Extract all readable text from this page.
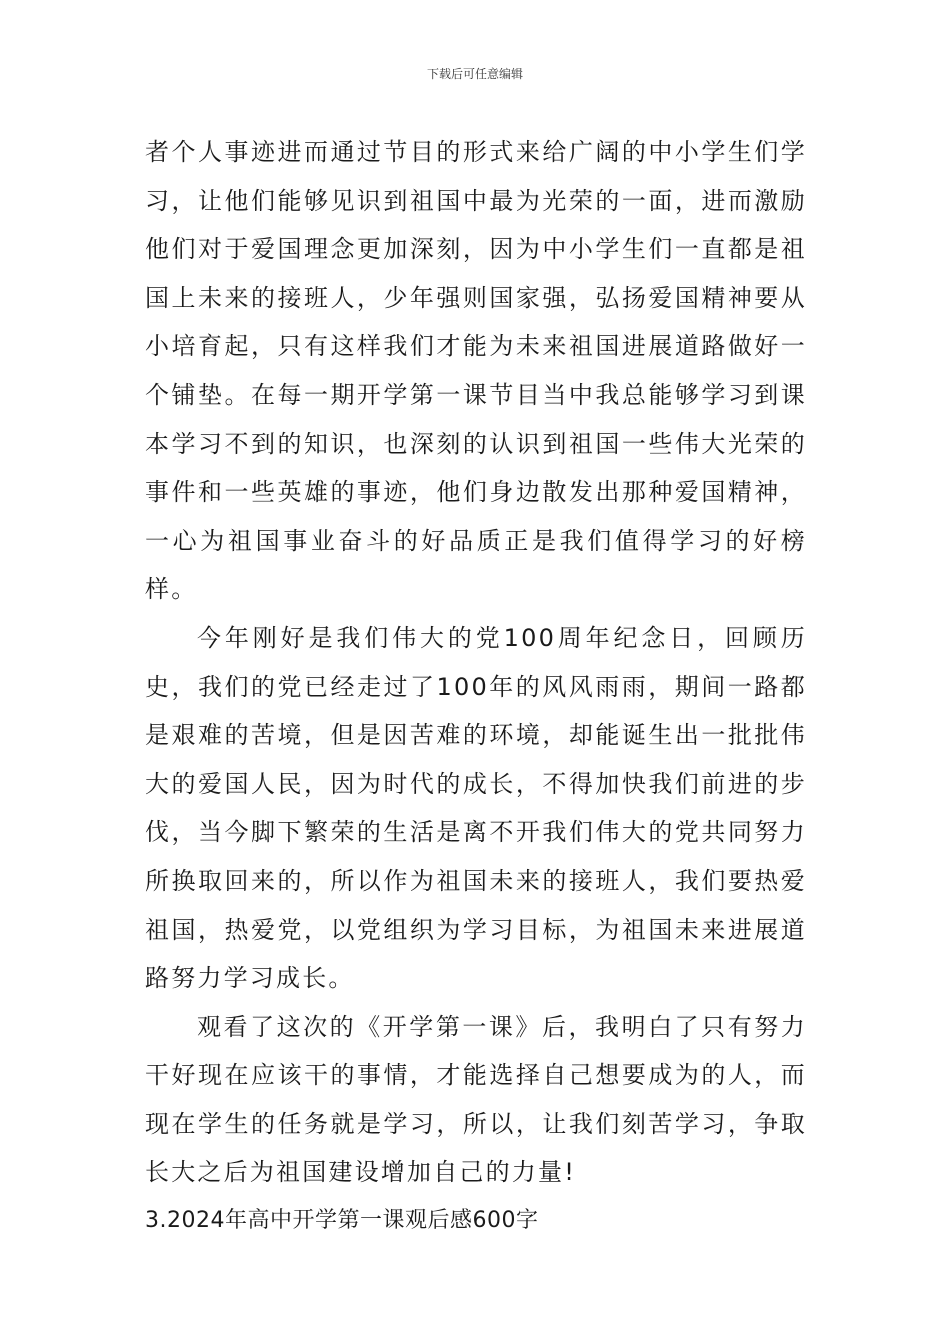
下载后可任意编辑

者个人事迹进而通过节目的形式来给广阔的中小学生们学习，让他们能够见识到祖国中最为光荣的一面，进而激励他们对于爱国理念更加深刻，因为中小学生们一直都是祖国上未来的接班人，少年强则国家强，弘扬爱国精神要从小培育起，只有这样我们才能为未来祖国进展道路做好一个铺垫。在每一期开学第一课节目当中我总能够学习到课本学习不到的知识，也深刻的认识到祖国一些伟大光荣的事件和一些英雄的事迹，他们身边散发出那种爱国精神，一心为祖国事业奋斗的好品质正是我们值得学习的好榜样。

今年刚好是我们伟大的党100周年纪念日，回顾历史，我们的党已经走过了100年的风风雨雨，期间一路都是艰难的苦境，但是因苦难的环境，却能诞生出一批批伟大的爱国人民，因为时代的成长，不得加快我们前进的步伐，当今脚下繁荣的生活是离不开我们伟大的党共同努力所换取回来的，所以作为祖国未来的接班人，我们要热爱祖国，热爱党，以党组织为学习目标，为祖国未来进展道路努力学习成长。

观看了这次的《开学第一课》后，我明白了只有努力干好现在应该干的事情，才能选择自己想要成为的人，而现在学生的任务就是学习，所以，让我们刻苦学习，争取长大之后为祖国建设增加自己的力量!

3.2024年高中开学第一课观后感600字
